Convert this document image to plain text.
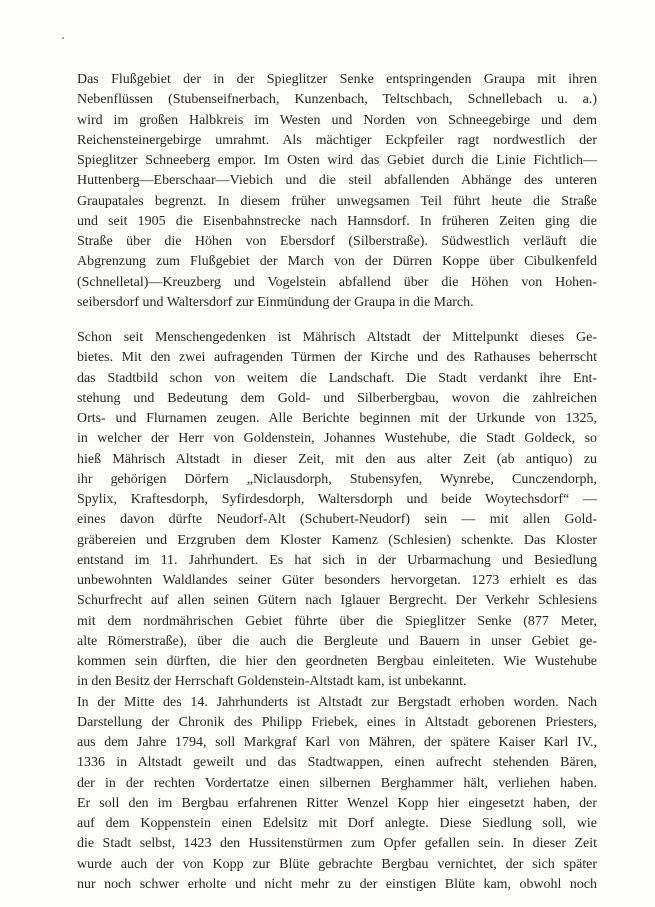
Das Flußgebiet der in der Spieglitzer Senke entspringenden Graupa mit ihren
Nebenflüssen (Stubenseifnerbach, Kunzenbach, Teltschbach, Schnellebach u. a.)
wird im großen Halbkreis im Westen und Norden von Schneegebirge und dem
Reichensteinergebirge umrahmt. Als mächtiger Eckpfeiler ragt nordwestlich der
Spieglitzer Schneeberg empor. Im Osten wird das Gebiet durch die Linie Fichtlich—
Huttenberg—Eberschaar—Viebich und die steil abfallenden Abhänge des unteren
Graupatales begrenzt. In diesem früher unwegsamen Teil führt heute die Straße
und seit 1905 die Eisenbahnstrecke nach Hannsdorf. In früheren Zeiten ging die
Straße über die Höhen von Ebersdorf (Silberstraße). Südwestlich verläuft die
Abgrenzung zum Flußgebiet der March von der Dürren Koppe über Cibulkenfeld
(Schnelletal)—Kreuzberg und Vogelstein abfallend über die Höhen von Hohen-
seibersdorf und Waltersdorf zur Einmündung der Graupa in die March.
Schon seit Menschengedenken ist Mährisch Altstadt der Mittelpunkt dieses Ge-
bietes. Mit den zwei aufragenden Türmen der Kirche und des Rathauses beherrscht
das Stadtbild schon von weitem die Landschaft. Die Stadt verdankt ihre Ent-
stehung und Bedeutung dem Gold- und Silberbergbau, wovon die zahlreichen
Orts- und Flurnamen zeugen. Alle Berichte beginnen mit der Urkunde von 1325,
in welcher der Herr von Goldenstein, Johannes Wustehube, die Stadt Goldeck, so
hieß Mährisch Altstadt in dieser Zeit, mit den aus alter Zeit (ab antiquo) zu
ihr gehörigen Dörfern „Niclausdorph, Stubensyfen, Wynrebe, Cunczendorph,
Spylix, Kraftesdorph, Syfirdesdorph, Waltersdorph und beide Woytechsdorf“ —
eines davon dürfte Neudorf-Alt (Schubert-Neudorf) sein — mit allen Gold-
gräbereien und Erzgruben dem Kloster Kamenz (Schlesien) schenkte. Das Kloster
entstand im 11. Jahrhundert. Es hat sich in der Urbarmachung und Besiedlung
unbewohnten Waldlandes seiner Güter besonders hervorgetan. 1273 erhielt es das
Schurfrecht auf allen seinen Gütern nach Iglauer Bergrecht. Der Verkehr Schlesiens
mit dem nordmährischen Gebiet führte über die Spieglitzer Senke (877 Meter,
alte Römerstraße), über die auch die Bergleute und Bauern in unser Gebiet ge-
kommen sein dürften, die hier den geordneten Bergbau einleiteten. Wie Wustehube
in den Besitz der Herrschaft Goldenstein-Altstadt kam, ist unbekannt.
In der Mitte des 14. Jahrhunderts ist Altstadt zur Bergstadt erhoben worden. Nach
Darstellung der Chronik des Philipp Friebek, eines in Altstadt geborenen Priesters,
aus dem Jahre 1794, soll Markgraf Karl von Mähren, der spätere Kaiser Karl IV.,
1336 in Altstadt geweilt und das Stadtwappen, einen aufrecht stehenden Bären,
der in der rechten Vordertatze einen silbernen Berghammer hält, verliehen haben.
Er soll den im Bergbau erfahrenen Ritter Wenzel Kopp hier eingesetzt haben, der
auf dem Koppenstein einen Edelsitz mit Dorf anlegte. Diese Siedlung soll, wie
die Stadt selbst, 1423 den Hussitenstürmen zum Opfer gefallen sein. In dieser Zeit
wurde auch der von Kopp zur Blüte gebrachte Bergbau vernichtet, der sich später
nur noch schwer erholte und nicht mehr zu der einstigen Blüte kam, obwohl noch
